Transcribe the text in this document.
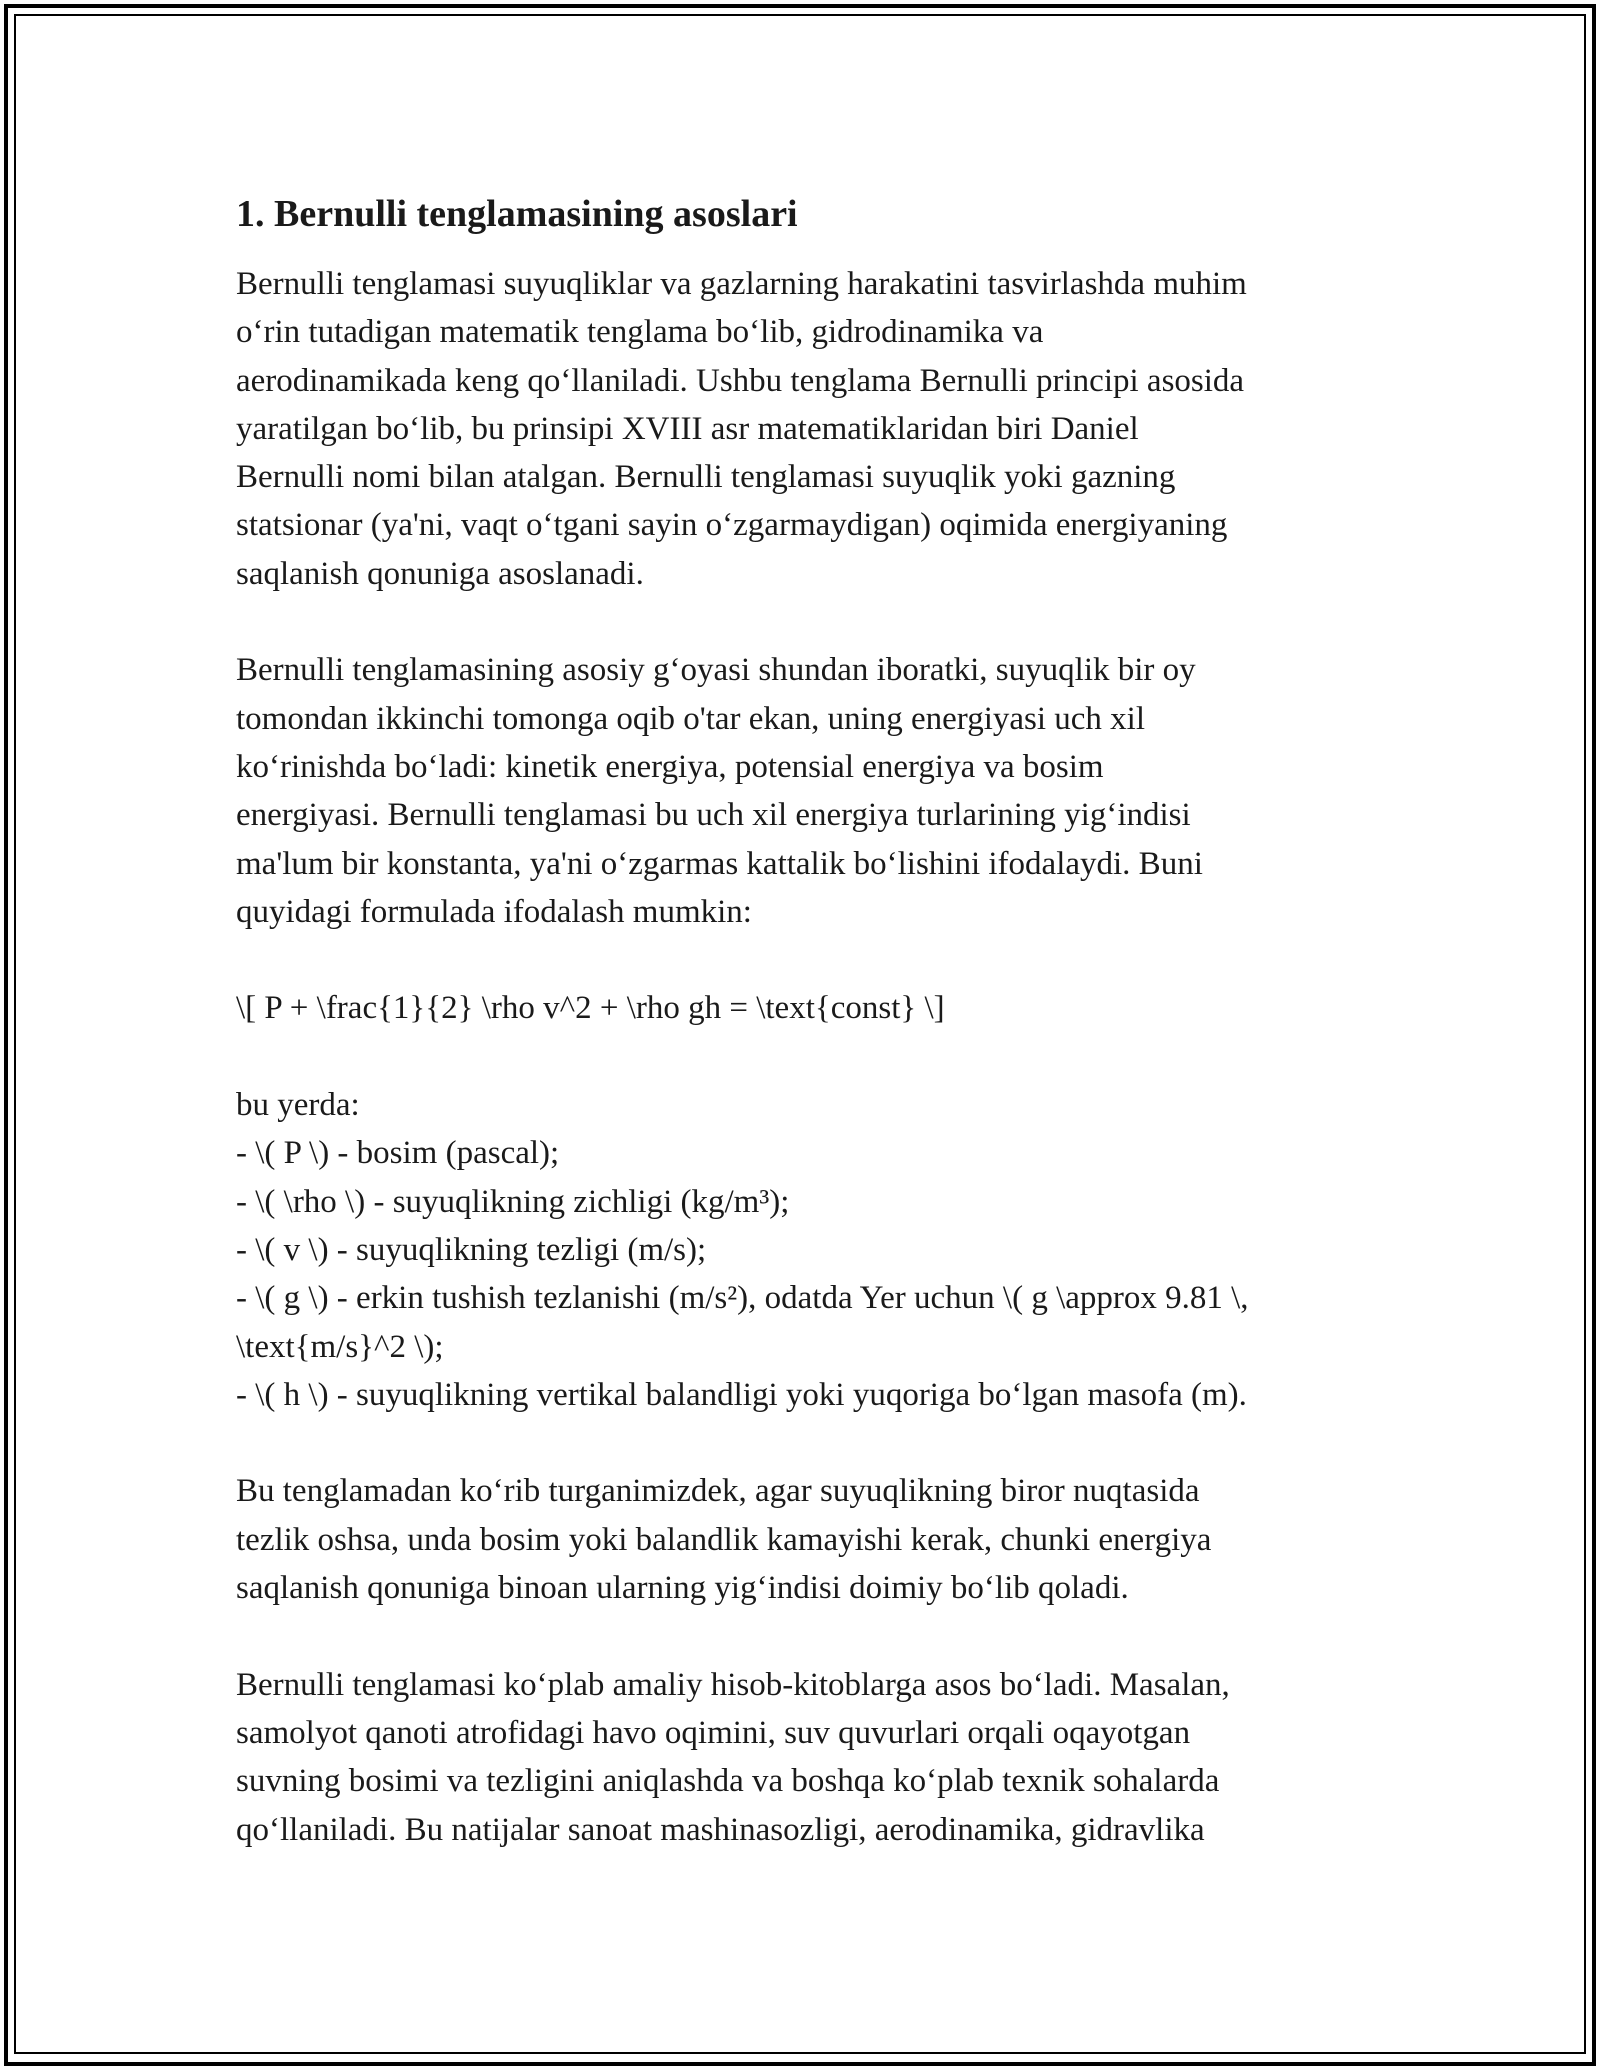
1. Bernulli tenglamasining asoslari

Bernulli tenglamasi suyuqliklar va gazlarning harakatini tasvirlashda muhim
o‘rin tutadigan matematik tenglama bo‘lib, gidrodinamika va
aerodinamikada keng qo‘llaniladi. Ushbu tenglama Bernulli principi asosida
yaratilgan bo‘lib, bu prinsipi XVIII asr matematiklaridan biri Daniel
Bernulli nomi bilan atalgan. Bernulli tenglamasi suyuqlik yoki gazning
statsionar (ya'ni, vaqt o‘tgani sayin o‘zgarmaydigan) oqimida energiyaning
saqlanish qonuniga asoslanadi.

Bernulli tenglamasining asosiy g‘oyasi shundan iboratki, suyuqlik bir oy
tomondan ikkinchi tomonga oqib o'tar ekan, uning energiyasi uch xil
ko‘rinishda bo‘ladi: kinetik energiya, potensial energiya va bosim
energiyasi. Bernulli tenglamasi bu uch xil energiya turlarining yig‘indisi
ma'lum bir konstanta, ya'ni o‘zgarmas kattalik bo‘lishini ifodalaydi. Buni
quyidagi formulada ifodalash mumkin:

\[ P + \frac{1}{2} \rho v^2 + \rho gh = \text{const} \]

bu yerda:
- \( P \) - bosim (pascal);
- \( \rho \) - suyuqlikning zichligi (kg/m³);
- \( v \) - suyuqlikning tezligi (m/s);
- \( g \) - erkin tushish tezlanishi (m/s²), odatda Yer uchun \( g \approx 9.81 \,
\text{m/s}^2 \);
- \( h \) - suyuqlikning vertikal balandligi yoki yuqoriga bo‘lgan masofa (m).

Bu tenglamadan ko‘rib turganimizdek, agar suyuqlikning biror nuqtasida
tezlik oshsa, unda bosim yoki balandlik kamayishi kerak, chunki energiya
saqlanish qonuniga binoan ularning yig‘indisi doimiy bo‘lib qoladi.

Bernulli tenglamasi ko‘plab amaliy hisob-kitoblarga asos bo‘ladi. Masalan,
samolyot qanoti atrofidagi havo oqimini, suv quvurlari orqali oqayotgan
suvning bosimi va tezligini aniqlashda va boshqa ko‘plab texnik sohalarda
qo‘llaniladi. Bu natijalar sanoat mashinasozligi, aerodinamika, gidravlika
